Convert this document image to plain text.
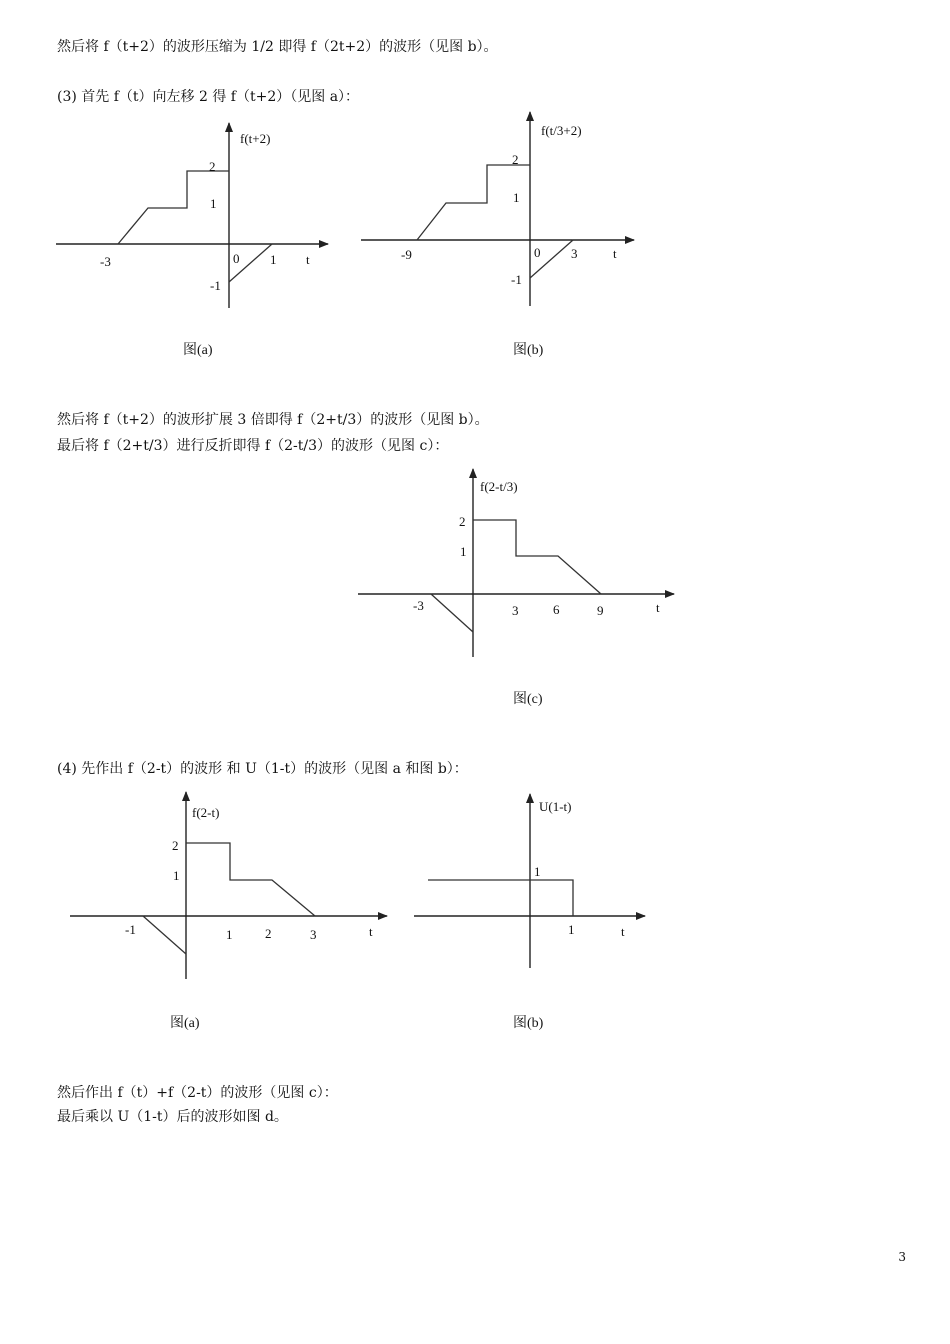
然后将 f（t+2）的波形压缩为 1/2 即得 f（2t+2）的波形（见图 b）。
(3) 首先 f（t）向左移 2 得 f（t+2）（见图 a）：
然后将 f（t+2）的波形扩展 3 倍即得 f（2+t/3）的波形（见图 b）。
最后将 f（2+t/3）进行反折即得 f（2-t/3）的波形（见图 c）：
(4) 先作出 f（2-t）的波形 和 U（1-t）的波形（见图 a 和图 b）：
然后作出 f（t）+f（2-t）的波形（见图 c）：
最后乘以 U（1-t）后的波形如图 d。
3
f(t+2)
2
1
-1
-3	0 1 t
图(a)
f(t/3+2)
2
1
-1
-9	0 3	t
图(b)
f(2-t/3)
2
1
-3	3	6	9	t
图(c)
f(2-t)
2
1
-1	1	2	3	t
图(a)
U(1-t)
1
1	t
图(b)
